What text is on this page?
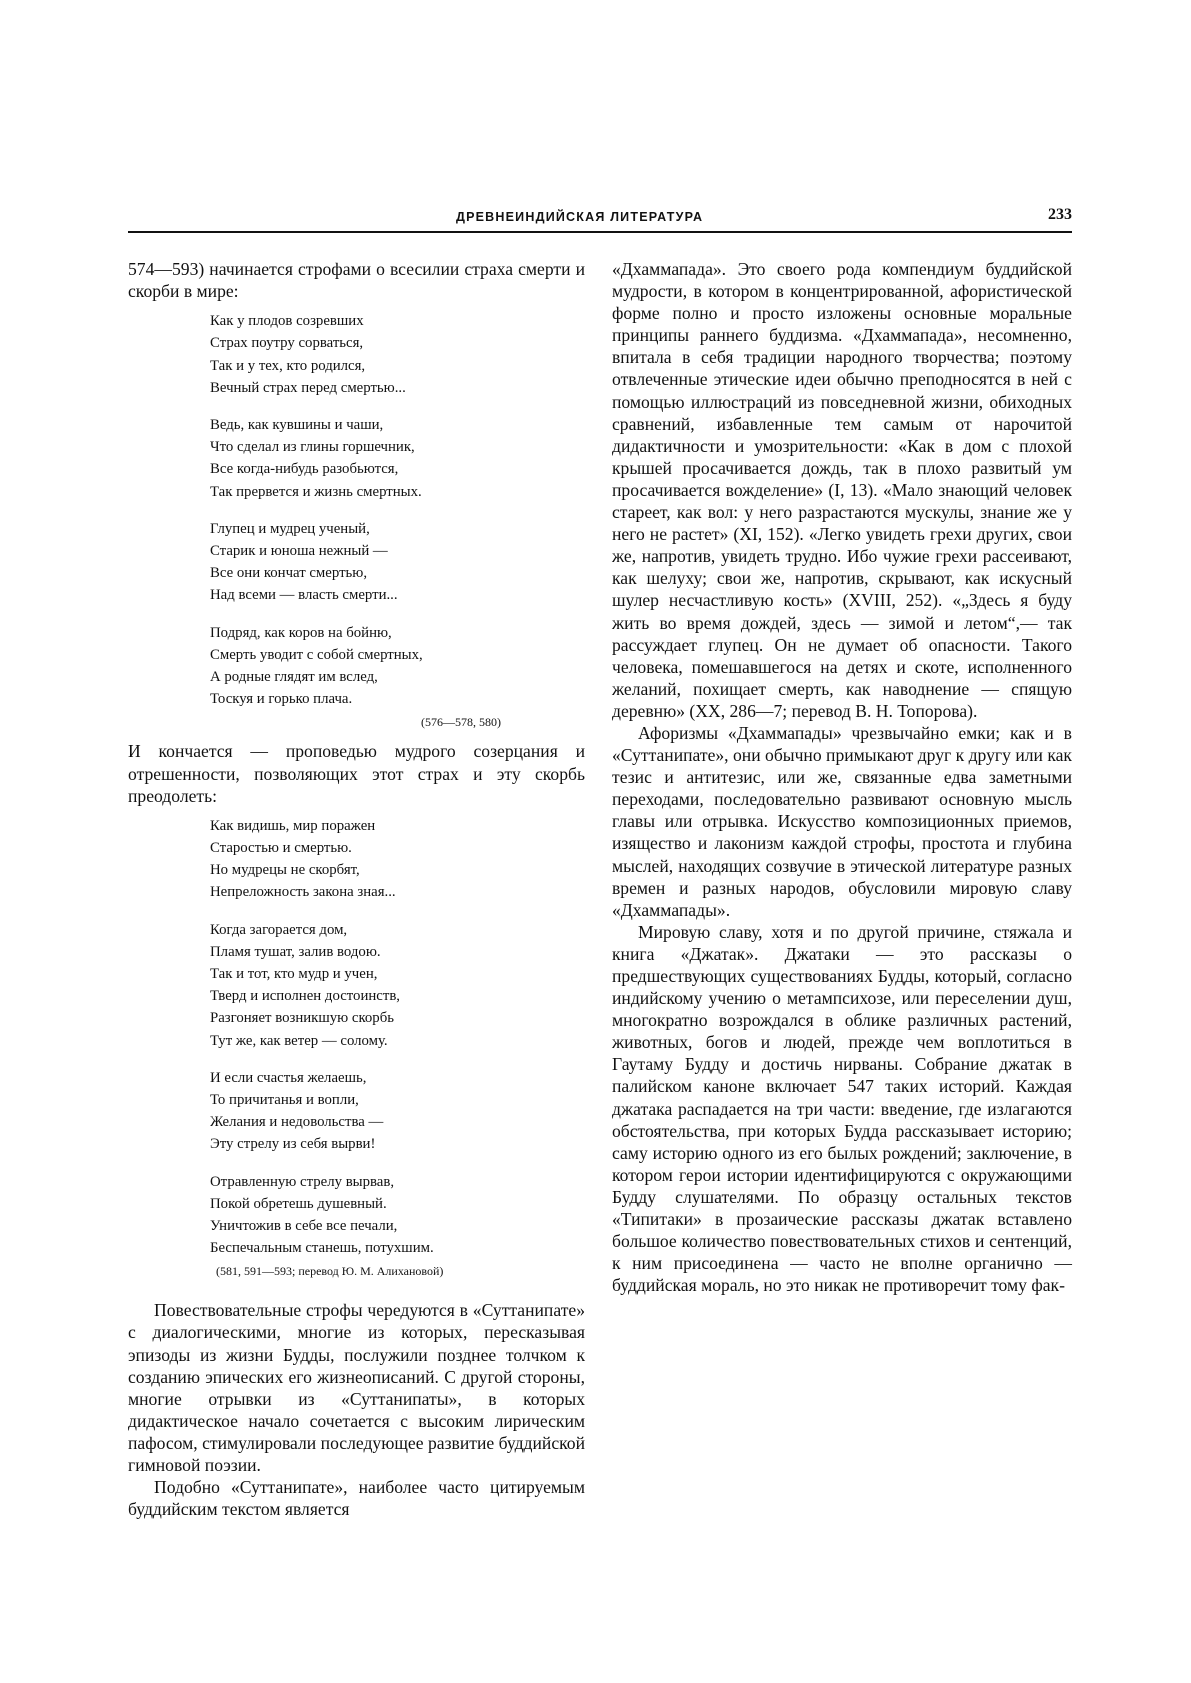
ДРЕВНЕИНДИЙСКАЯ ЛИТЕРАТУРА	233

574—593) начинается строфами о всесилии страха смерти и скорби в мире:

Как у плодов созревших
Страх поутру сорваться,
Так и у тех, кто родился,
Вечный страх перед смертью...
Ведь, как кувшины и чаши,
Что сделал из глины горшечник,
Все когда-нибудь разобьются,
Так прервется и жизнь смертных.
Глупец и мудрец ученый,
Старик и юноша нежный —
Все они кончат смертью,
Над всеми — власть смерти...
Подряд, как коров на бойню,
Смерть уводит с собой смертных,
А родные глядят им вслед,
Тоскуя и горько плача.
(576—578, 580)

И кончается — проповедью мудрого созерцания и отрешенности, позволяющих этот страх и эту скорбь преодолеть:

Как видишь, мир поражен
Старостью и смертью.
Но мудрецы не скорбят,
Непреложность закона зная...
Когда загорается дом,
Пламя тушат, залив водою.
Так и тот, кто мудр и учен,
Тверд и исполнен достоинств,
Разгоняет возникшую скорбь
Тут же, как ветер — солому.
И если счастья желаешь,
То причитанья и вопли,
Желания и недовольства —
Эту стрелу из себя вырви!
Отравленную стрелу вырвав,
Покой обретешь душевный.
Уничтожив в себе все печали,
Беспечальным станешь, потухшим.
(581, 591—593; перевод Ю. М. Алихановой)

Повествовательные строфы чередуются в «Суттанипате» с диалогическими, многие из которых, пересказывая эпизоды из жизни Будды, послужили позднее толчком к созданию эпических его жизнеописаний. С другой стороны, многие отрывки из «Суттанипаты», в которых дидактическое начало сочетается с высоким лирическим пафосом, стимулировали последующее развитие буддийской гимновой поэзии.

Подобно «Суттанипате», наиболее часто цитируемым буддийским текстом является

«Дхаммапада». Это своего рода компендиум буддийской мудрости, в котором в концентрированной, афористической форме полно и просто изложены основные моральные принципы раннего буддизма. «Дхаммапада», несомненно, впитала в себя традиции народного творчества; поэтому отвлеченные этические идеи обычно преподносятся в ней с помощью иллюстраций из повседневной жизни, обиходных сравнений, избавленные тем самым от нарочитой дидактичности и умозрительности: «Как в дом с плохой крышей просачивается дождь, так в плохо развитый ум просачивается вожделение» (I, 13). «Мало знающий человек стареет, как вол: у него разрастаются мускулы, знание же у него не растет» (XI, 152). «Легко увидеть грехи других, свои же, напротив, увидеть трудно. Ибо чужие грехи рассеивают, как шелуху; свои же, напротив, скрывают, как искусный шулер несчастливую кость» (XVIII, 252). «„Здесь я буду жить во время дождей, здесь — зимой и летом“,— так рассуждает глупец. Он не думает об опасности. Такого человека, помешавшегося на детях и скоте, исполненного желаний, похищает смерть, как наводнение — спящую деревню» (XX, 286—7; перевод В. Н. Топорова).

Афоризмы «Дхаммапады» чрезвычайно емки; как и в «Суттанипате», они обычно примыкают друг к другу или как тезис и антитезис, или же, связанные едва заметными переходами, последовательно развивают основную мысль главы или отрывка. Искусство композиционных приемов, изящество и лаконизм каждой строфы, простота и глубина мыслей, находящих созвучие в этической литературе разных времен и разных народов, обусловили мировую славу «Дхаммапады».

Мировую славу, хотя и по другой причине, стяжала и книга «Джатак». Джатаки — это рассказы о предшествующих существованиях Будды, который, согласно индийскому учению о метампсихозе, или переселении душ, многократно возрождался в облике различных растений, животных, богов и людей, прежде чем воплотиться в Гаутаму Будду и достичь нирваны. Собрание джатак в палийском каноне включает 547 таких историй. Каждая джатака распадается на три части: введение, где излагаются обстоятельства, при которых Будда рассказывает историю; саму историю одного из его былых рождений; заключение, в котором герои истории идентифицируются с окружающими Будду слушателями. По образцу остальных текстов «Типитаки» в прозаические рассказы джатак вставлено большое количество повествовательных стихов и сентенций, к ним присоединена — часто не вполне органично — буддийская мораль, но это никак не противоречит тому фак-
